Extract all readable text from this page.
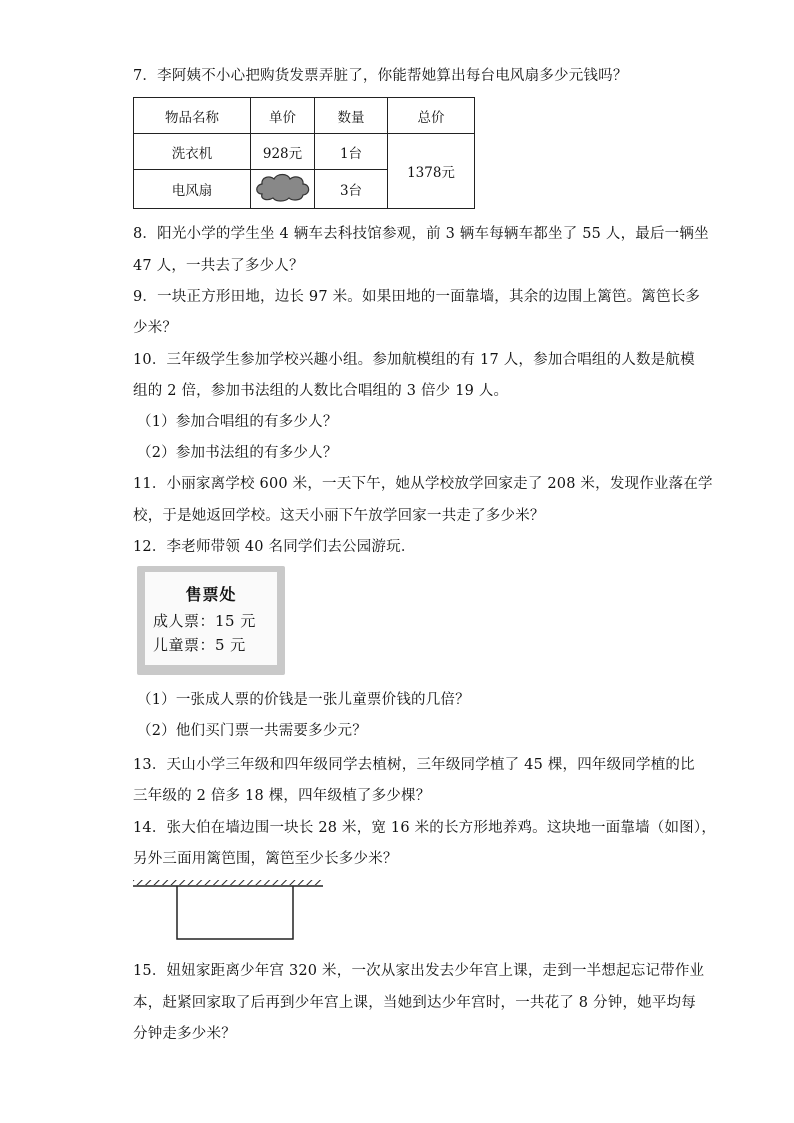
7．李阿姨不小心把购货发票弄脏了，你能帮她算出每台电风扇多少元钱吗？
物品名称	单价	数量	总价
洗衣机	928元	1台	1378元
电风扇		3台	
8．阳光小学的学生坐 4 辆车去科技馆参观，前 3 辆车每辆车都坐了 55 人，最后一辆坐
47 人，一共去了多少人？
9．一块正方形田地，边长 97 米。如果田地的一面靠墙，其余的边围上篱笆。篱笆长多
少米？
10．三年级学生参加学校兴趣小组。参加航模组的有 17 人，参加合唱组的人数是航模
组的 2 倍，参加书法组的人数比合唱组的 3 倍少 19 人。
（1）参加合唱组的有多少人？
（2）参加书法组的有多少人？
11．小丽家离学校 600 米，一天下午，她从学校放学回家走了 208 米，发现作业落在学
校，于是她返回学校。这天小丽下午放学回家一共走了多少米？
12．李老师带领 40 名同学们去公园游玩．
售票处
成人票：15 元
儿童票：5 元
（1）一张成人票的价钱是一张儿童票价钱的几倍？
（2）他们买门票一共需要多少元？
13．天山小学三年级和四年级同学去植树，三年级同学植了 45 棵，四年级同学植的比
三年级的 2 倍多 18 棵，四年级植了多少棵？
14．张大伯在墙边围一块长 28 米，宽 16 米的长方形地养鸡。这块地一面靠墙（如图），
另外三面用篱笆围，篱笆至少长多少米？
15．妞妞家距离少年宫 320 米，一次从家出发去少年宫上课，走到一半想起忘记带作业
本，赶紧回家取了后再到少年宫上课，当她到达少年宫时，一共花了 8 分钟，她平均每
分钟走多少米？
